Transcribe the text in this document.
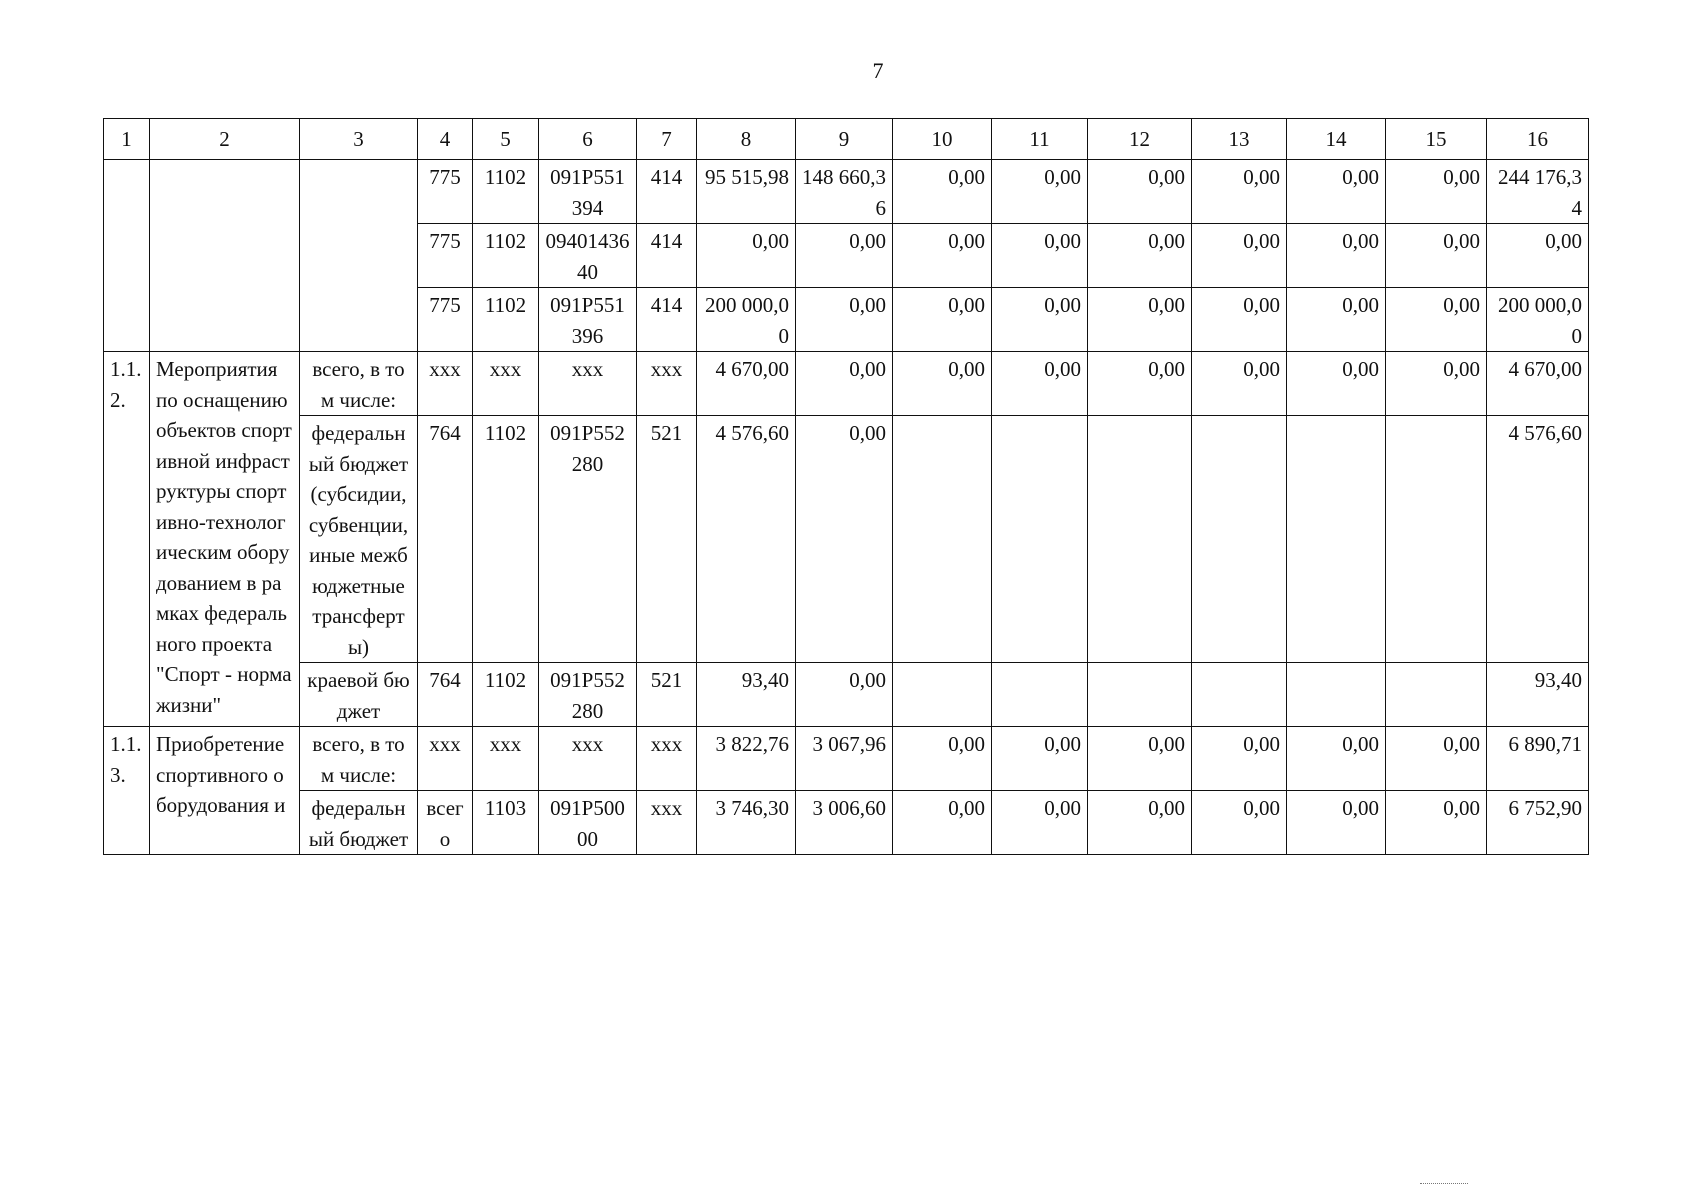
7
1	2	3	4	5	6	7	8	9	10	11	12	13	14	15	16
			775	1102	091P551394	414	95 515,98	148 660,36	0,00	0,00	0,00	0,00	0,00	0,00	244 176,34
			775	1102	0940143640	414	0,00	0,00	0,00	0,00	0,00	0,00	0,00	0,00	0,00
			775	1102	091P551396	414	200 000,00	0,00	0,00	0,00	0,00	0,00	0,00	0,00	200 000,00
1.1.2.	Мероприятия по оснащению объектов спортивной инфраструктуры спортивно-технологическим оборудованием в рамках федерального проекта "Спорт - норма жизни"	всего, в том числе:	xxx	xxx	xxx	xxx	4 670,00	0,00	0,00	0,00	0,00	0,00	0,00	0,00	4 670,00
		федеральный бюджет (субсидии, субвенции, иные межбюджетные трансферты)	764	1102	091P552280	521	4 576,60	0,00							4 576,60
		краевой бюджет	764	1102	091P552280	521	93,40	0,00							93,40
1.1.3.	Приобретение спортивного оборудования и	всего, в том числе:	xxx	xxx	xxx	xxx	3 822,76	3 067,96	0,00	0,00	0,00	0,00	0,00	0,00	6 890,71
		федеральный бюджет	всего	1103	091P50000	xxx	3 746,30	3 006,60	0,00	0,00	0,00	0,00	0,00	0,00	6 752,90
